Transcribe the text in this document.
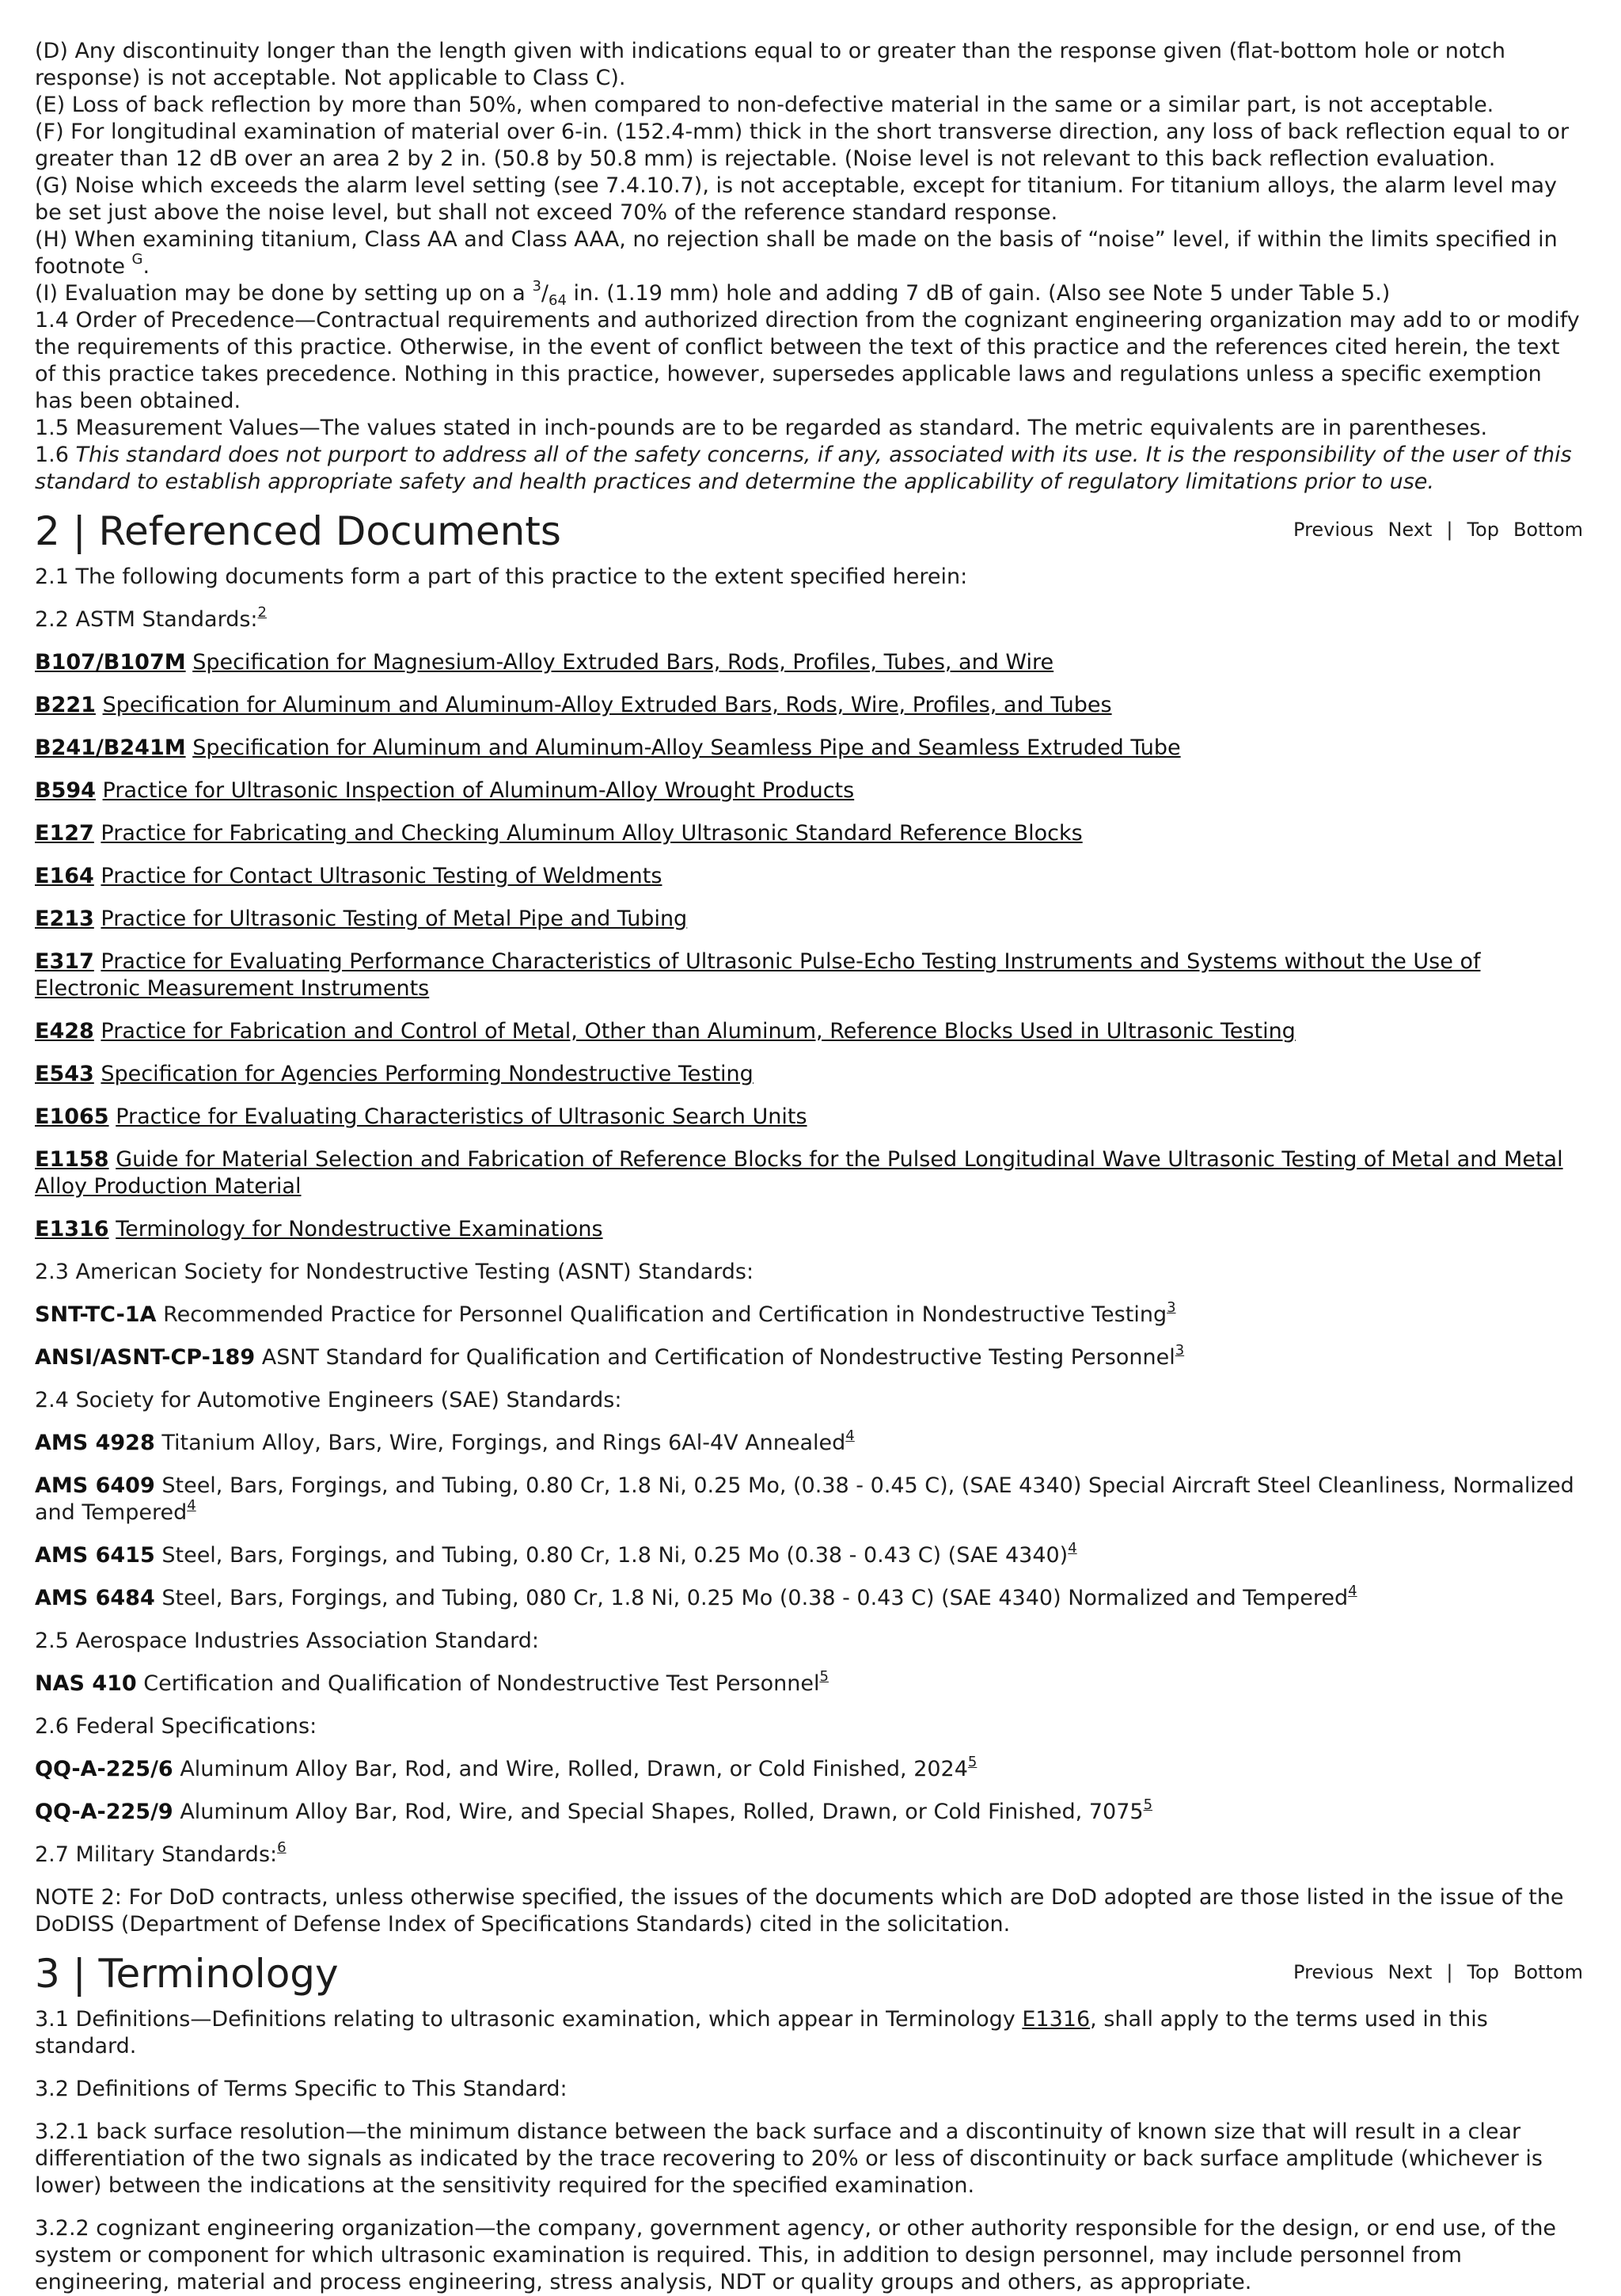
(D) Any discontinuity longer than the length given with indications equal to or greater than the response given (flat-bottom hole or notch response) is not acceptable. Not applicable to Class C).

(E) Loss of back reflection by more than 50%, when compared to non-defective material in the same or a similar part, is not acceptable.

(F) For longitudinal examination of material over 6-in. (152.4-mm) thick in the short transverse direction, any loss of back reflection equal to or greater than 12 dB over an area 2 by 2 in. (50.8 by 50.8 mm) is rejectable. (Noise level is not relevant to this back reflection evaluation.

(G) Noise which exceeds the alarm level setting (see 7.4.10.7), is not acceptable, except for titanium. For titanium alloys, the alarm level may be set just above the noise level, but shall not exceed 70% of the reference standard response.

(H) When examining titanium, Class AA and Class AAA, no rejection shall be made on the basis of “noise” level, if within the limits specified in footnote $^G$.

(I) Evaluation may be done by setting up on a $^3/_{64}$ in. (1.19 mm) hole and adding 7 dB of gain. (Also see Note 5 under Table 5.)

1.4 Order of Precedence—Contractual requirements and authorized direction from the cognizant engineering organization may add to or modify the requirements of this practice. Otherwise, in the event of conflict between the text of this practice and the references cited herein, the text of this practice takes precedence. Nothing in this practice, however, supersedes applicable laws and regulations unless a specific exemption has been obtained.

1.5 Measurement Values—The values stated in inch-pounds are to be regarded as standard. The metric equivalents are in parentheses.

1.6 This standard does not purport to address all of the safety concerns, if any, associated with its use. It is the responsibility of the user of this standard to establish appropriate safety and health practices and determine the applicability of regulatory limitations prior to use.

2 | Referenced Documents	Previous Next | Top Bottom

2.1 The following documents form a part of this practice to the extent specified herein:

2.2 ASTM Standards:$^2$

B107/B107M Specification for Magnesium-Alloy Extruded Bars, Rods, Profiles, Tubes, and Wire

B221 Specification for Aluminum and Aluminum-Alloy Extruded Bars, Rods, Wire, Profiles, and Tubes

B241/B241M Specification for Aluminum and Aluminum-Alloy Seamless Pipe and Seamless Extruded Tube

B594 Practice for Ultrasonic Inspection of Aluminum-Alloy Wrought Products

E127 Practice for Fabricating and Checking Aluminum Alloy Ultrasonic Standard Reference Blocks

E164 Practice for Contact Ultrasonic Testing of Weldments

E213 Practice for Ultrasonic Testing of Metal Pipe and Tubing

E317 Practice for Evaluating Performance Characteristics of Ultrasonic Pulse-Echo Testing Instruments and Systems without the Use of Electronic Measurement Instruments

E428 Practice for Fabrication and Control of Metal, Other than Aluminum, Reference Blocks Used in Ultrasonic Testing

E543 Specification for Agencies Performing Nondestructive Testing

E1065 Practice for Evaluating Characteristics of Ultrasonic Search Units

E1158 Guide for Material Selection and Fabrication of Reference Blocks for the Pulsed Longitudinal Wave Ultrasonic Testing of Metal and Metal Alloy Production Material

E1316 Terminology for Nondestructive Examinations

2.3 American Society for Nondestructive Testing (ASNT) Standards:

SNT-TC-1A Recommended Practice for Personnel Qualification and Certification in Nondestructive Testing$^3$

ANSI/ASNT-CP-189 ASNT Standard for Qualification and Certification of Nondestructive Testing Personnel$^3$

2.4 Society for Automotive Engineers (SAE) Standards:

AMS 4928 Titanium Alloy, Bars, Wire, Forgings, and Rings 6Al-4V Annealed$^4$

AMS 6409 Steel, Bars, Forgings, and Tubing, 0.80 Cr, 1.8 Ni, 0.25 Mo, (0.38 - 0.45 C), (SAE 4340) Special Aircraft Steel Cleanliness, Normalized and Tempered$^4$

AMS 6415 Steel, Bars, Forgings, and Tubing, 0.80 Cr, 1.8 Ni, 0.25 Mo (0.38 - 0.43 C) (SAE 4340)$^4$

AMS 6484 Steel, Bars, Forgings, and Tubing, 080 Cr, 1.8 Ni, 0.25 Mo (0.38 - 0.43 C) (SAE 4340) Normalized and Tempered$^4$

2.5 Aerospace Industries Association Standard:

NAS 410 Certification and Qualification of Nondestructive Test Personnel$^5$

2.6 Federal Specifications:

QQ-A-225/6 Aluminum Alloy Bar, Rod, and Wire, Rolled, Drawn, or Cold Finished, 2024$^5$

QQ-A-225/9 Aluminum Alloy Bar, Rod, Wire, and Special Shapes, Rolled, Drawn, or Cold Finished, 7075$^5$

2.7 Military Standards:$^6$

NOTE 2: For DoD contracts, unless otherwise specified, the issues of the documents which are DoD adopted are those listed in the issue of the DoDISS (Department of Defense Index of Specifications Standards) cited in the solicitation.

3 | Terminology	Previous Next | Top Bottom

3.1 Definitions—Definitions relating to ultrasonic examination, which appear in Terminology E1316, shall apply to the terms used in this standard.

3.2 Definitions of Terms Specific to This Standard:

3.2.1 back surface resolution—the minimum distance between the back surface and a discontinuity of known size that will result in a clear differentiation of the two signals as indicated by the trace recovering to 20% or less of discontinuity or back surface amplitude (whichever is lower) between the indications at the sensitivity required for the specified examination.

3.2.2 cognizant engineering organization—the company, government agency, or other authority responsible for the design, or end use, of the system or component for which ultrasonic examination is required. This, in addition to design personnel, may include personnel from engineering, material and process engineering, stress analysis, NDT or quality groups and others, as appropriate.
